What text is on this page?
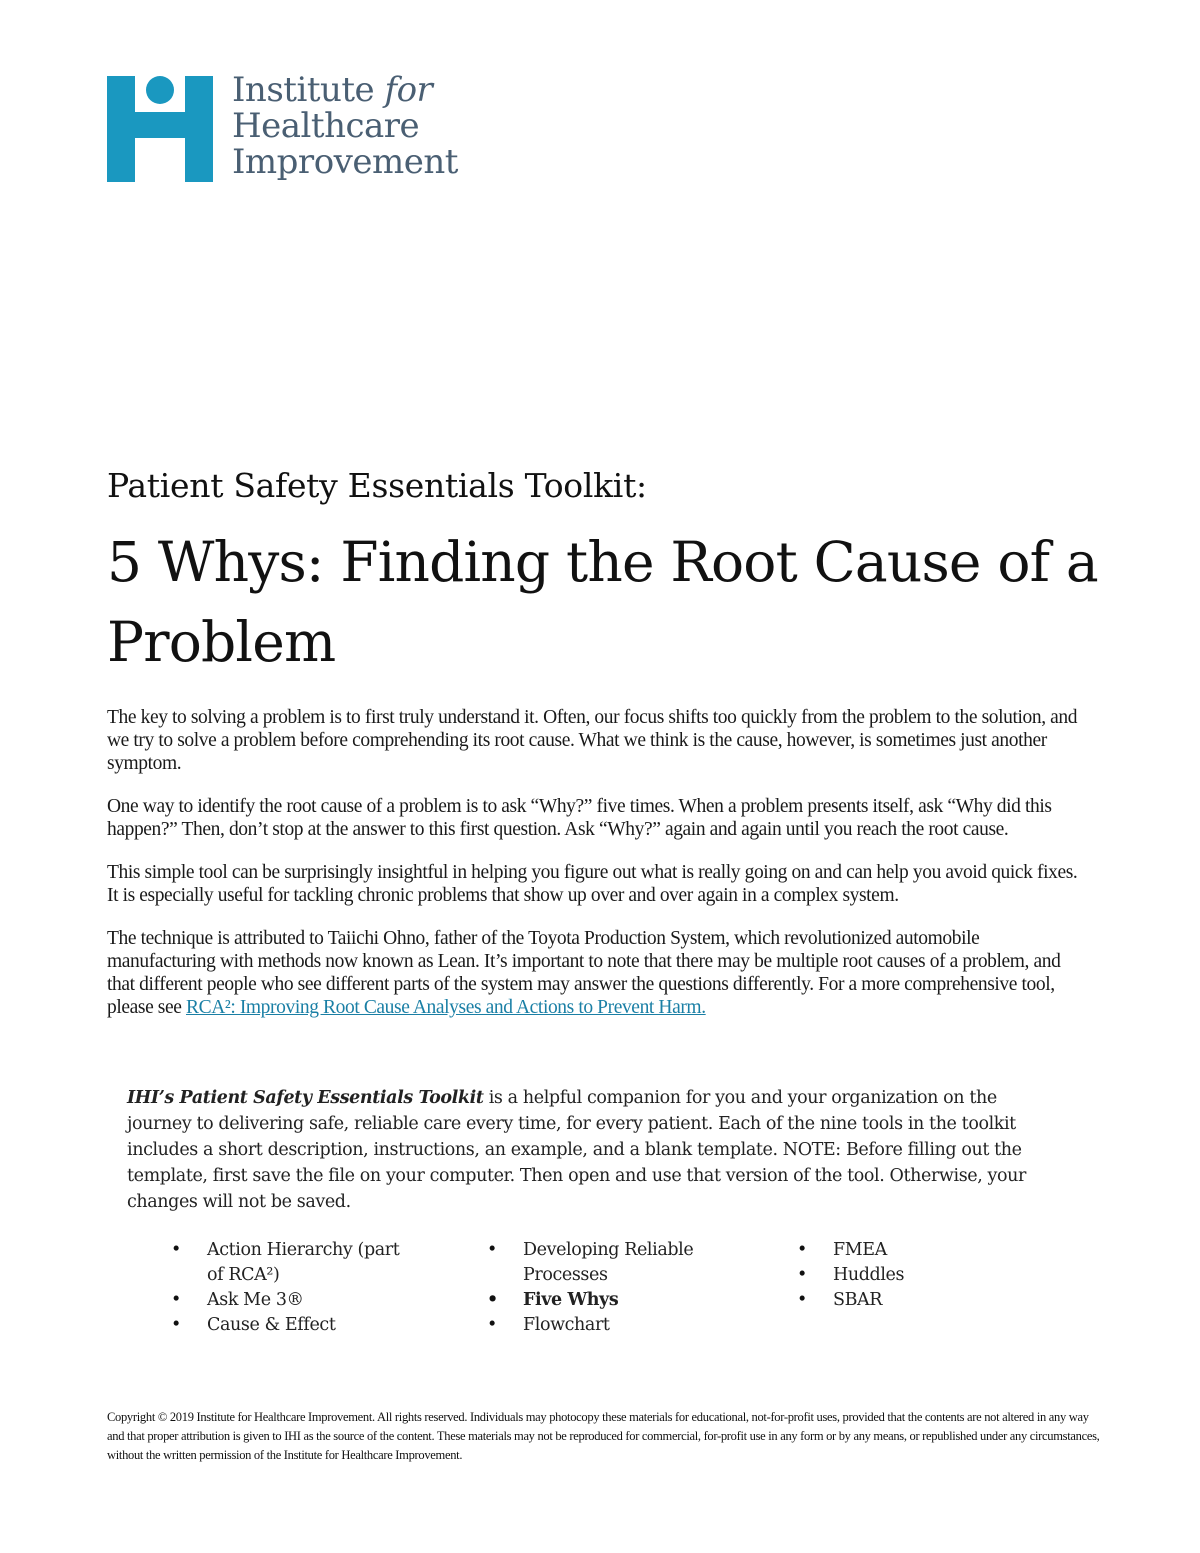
Institute for
Healthcare
Improvement
Patient Safety Essentials Toolkit:
5 Whys: Finding the Root Cause of a Problem

The key to solving a problem is to first truly understand it. Often, our focus shifts too quickly from the problem to the solution, and we try to solve a problem before comprehending its root cause. What we think is the cause, however, is sometimes just another symptom.

One way to identify the root cause of a problem is to ask “Why?” five times. When a problem presents itself, ask “Why did this happen?” Then, don’t stop at the answer to this first question. Ask “Why?” again and again until you reach the root cause.

This simple tool can be surprisingly insightful in helping you figure out what is really going on and can help you avoid quick fixes. It is especially useful for tackling chronic problems that show up over and over again in a complex system.

The technique is attributed to Taiichi Ohno, father of the Toyota Production System, which revolutionized automobile manufacturing with methods now known as Lean. It’s important to note that there may be multiple root causes of a problem, and that different people who see different parts of the system may answer the questions differently. For a more comprehensive tool, please see RCA²: Improving Root Cause Analyses and Actions to Prevent Harm.

IHI’s Patient Safety Essentials Toolkit is a helpful companion for you and your organization on the journey to delivering safe, reliable care every time, for every patient. Each of the nine tools in the toolkit includes a short description, instructions, an example, and a blank template. NOTE: Before filling out the template, first save the file on your computer. Then open and use that version of the tool. Otherwise, your changes will not be saved.
• Action Hierarchy (part of RCA²)
• Ask Me 3®
• Cause & Effect
• Developing Reliable Processes
• Five Whys
• Flowchart
• FMEA
• Huddles
• SBAR
Copyright © 2019 Institute for Healthcare Improvement. All rights reserved. Individuals may photocopy these materials for educational, not-for-profit uses, provided that the contents are not altered in any way and that proper attribution is given to IHI as the source of the content. These materials may not be reproduced for commercial, for-profit use in any form or by any means, or republished under any circumstances, without the written permission of the Institute for Healthcare Improvement.
